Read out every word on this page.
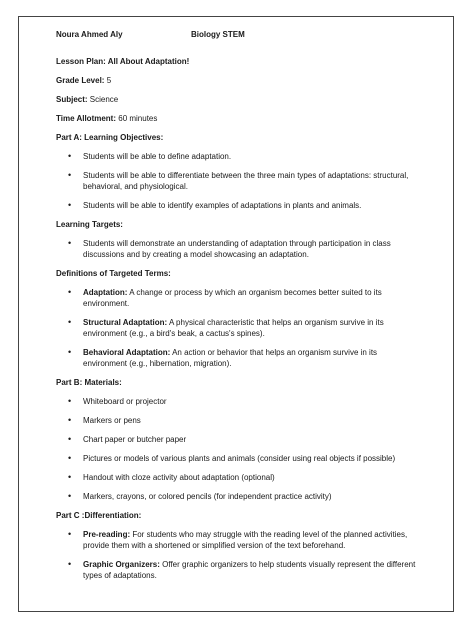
Noura Ahmed Aly	Biology STEM

Lesson Plan: All About Adaptation!

Grade Level: 5

Subject: Science

Time Allotment: 60 minutes

Part A: Learning Objectives:

• Students will be able to define adaptation.
• Students will be able to differentiate between the three main types of adaptations: structural, behavioral, and physiological.
• Students will be able to identify examples of adaptations in plants and animals.

Learning Targets:

• Students will demonstrate an understanding of adaptation through participation in class discussions and by creating a model showcasing an adaptation.

Definitions of Targeted Terms:

• Adaptation: A change or process by which an organism becomes better suited to its environment.
• Structural Adaptation: A physical characteristic that helps an organism survive in its environment (e.g., a bird's beak, a cactus's spines).
• Behavioral Adaptation: An action or behavior that helps an organism survive in its environment (e.g., hibernation, migration).

Part B: Materials:

• Whiteboard or projector
• Markers or pens
• Chart paper or butcher paper
• Pictures or models of various plants and animals (consider using real objects if possible)
• Handout with cloze activity about adaptation (optional)
• Markers, crayons, or colored pencils (for independent practice activity)

Part C :Differentiation:

• Pre-reading: For students who may struggle with the reading level of the planned activities, provide them with a shortened or simplified version of the text beforehand.
• Graphic Organizers: Offer graphic organizers to help students visually represent the different types of adaptations.
